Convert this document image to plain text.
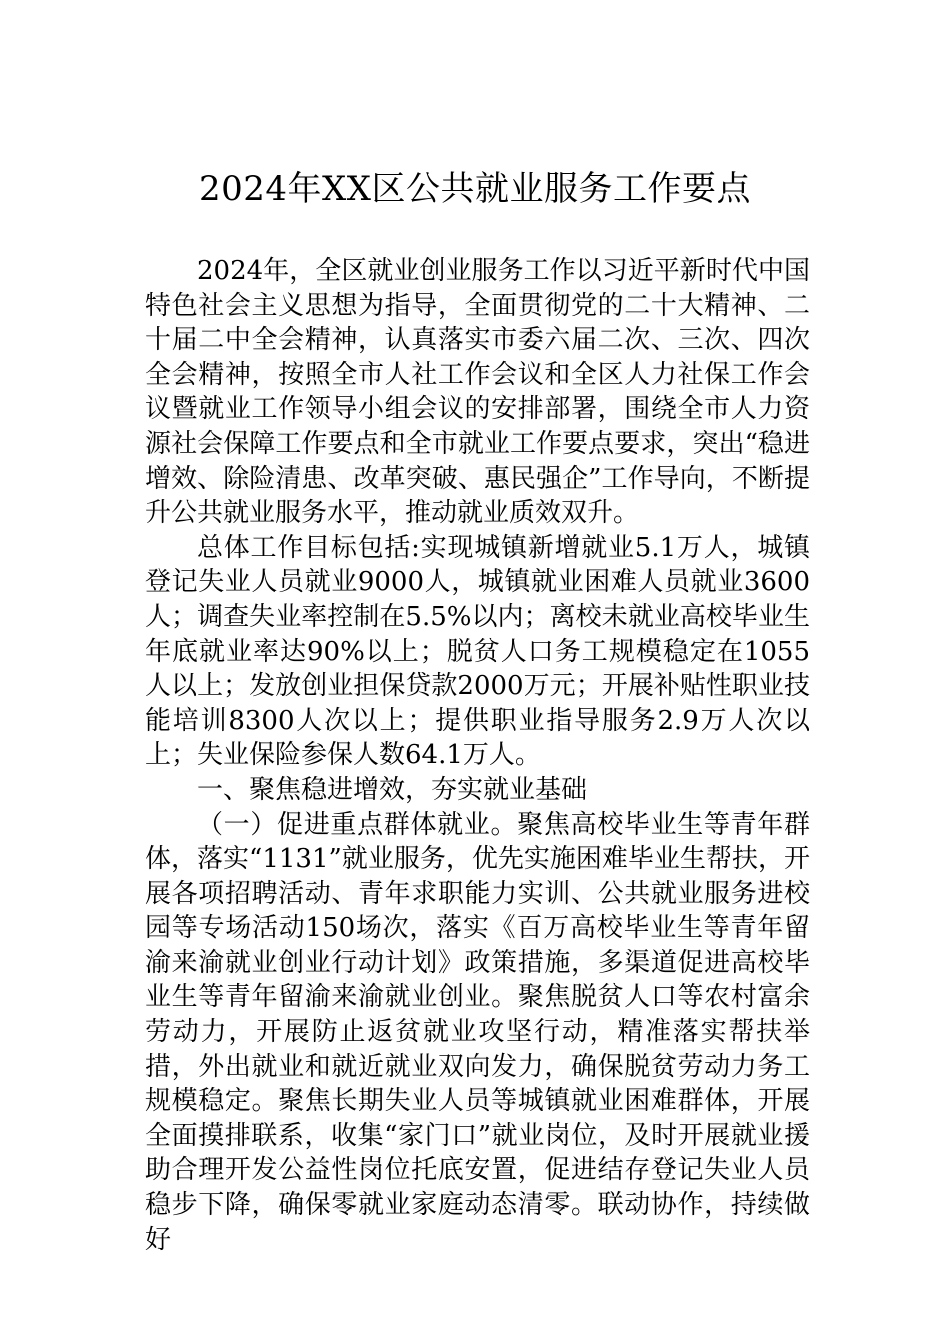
2024年XX区公共就业服务工作要点

2024年，全区就业创业服务工作以习近平新时代中国特色社会主义思想为指导，全面贯彻党的二十大精神、二十届二中全会精神，认真落实市委六届二次、三次、四次全会精神，按照全市人社工作会议和全区人力社保工作会议暨就业工作领导小组会议的安排部署，围绕全市人力资源社会保障工作要点和全市就业工作要点要求，突出“稳进增效、除险清患、改革突破、惠民强企”工作导向，不断提升公共就业服务水平，推动就业质效双升。

总体工作目标包括:实现城镇新增就业5.1万人，城镇登记失业人员就业9000人，城镇就业困难人员就业3600人；调查失业率控制在5.5%以内；离校未就业高校毕业生年底就业率达90%以上；脱贫人口务工规模稳定在1055人以上；发放创业担保贷款2000万元；开展补贴性职业技能培训8300人次以上；提供职业指导服务2.9万人次以上；失业保险参保人数64.1万人。

一、聚焦稳进增效，夯实就业基础

（一）促进重点群体就业。聚焦高校毕业生等青年群体，落实“1131”就业服务，优先实施困难毕业生帮扶，开展各项招聘活动、青年求职能力实训、公共就业服务进校园等专场活动150场次，落实《百万高校毕业生等青年留渝来渝就业创业行动计划》政策措施，多渠道促进高校毕业生等青年留渝来渝就业创业。聚焦脱贫人口等农村富余劳动力，开展防止返贫就业攻坚行动，精准落实帮扶举措，外出就业和就近就业双向发力，确保脱贫劳动力务工规模稳定。聚焦长期失业人员等城镇就业困难群体，开展全面摸排联系，收集“家门口”就业岗位，及时开展就业援助合理开发公益性岗位托底安置，促进结存登记失业人员稳步下降，确保零就业家庭动态清零。联动协作，持续做好
